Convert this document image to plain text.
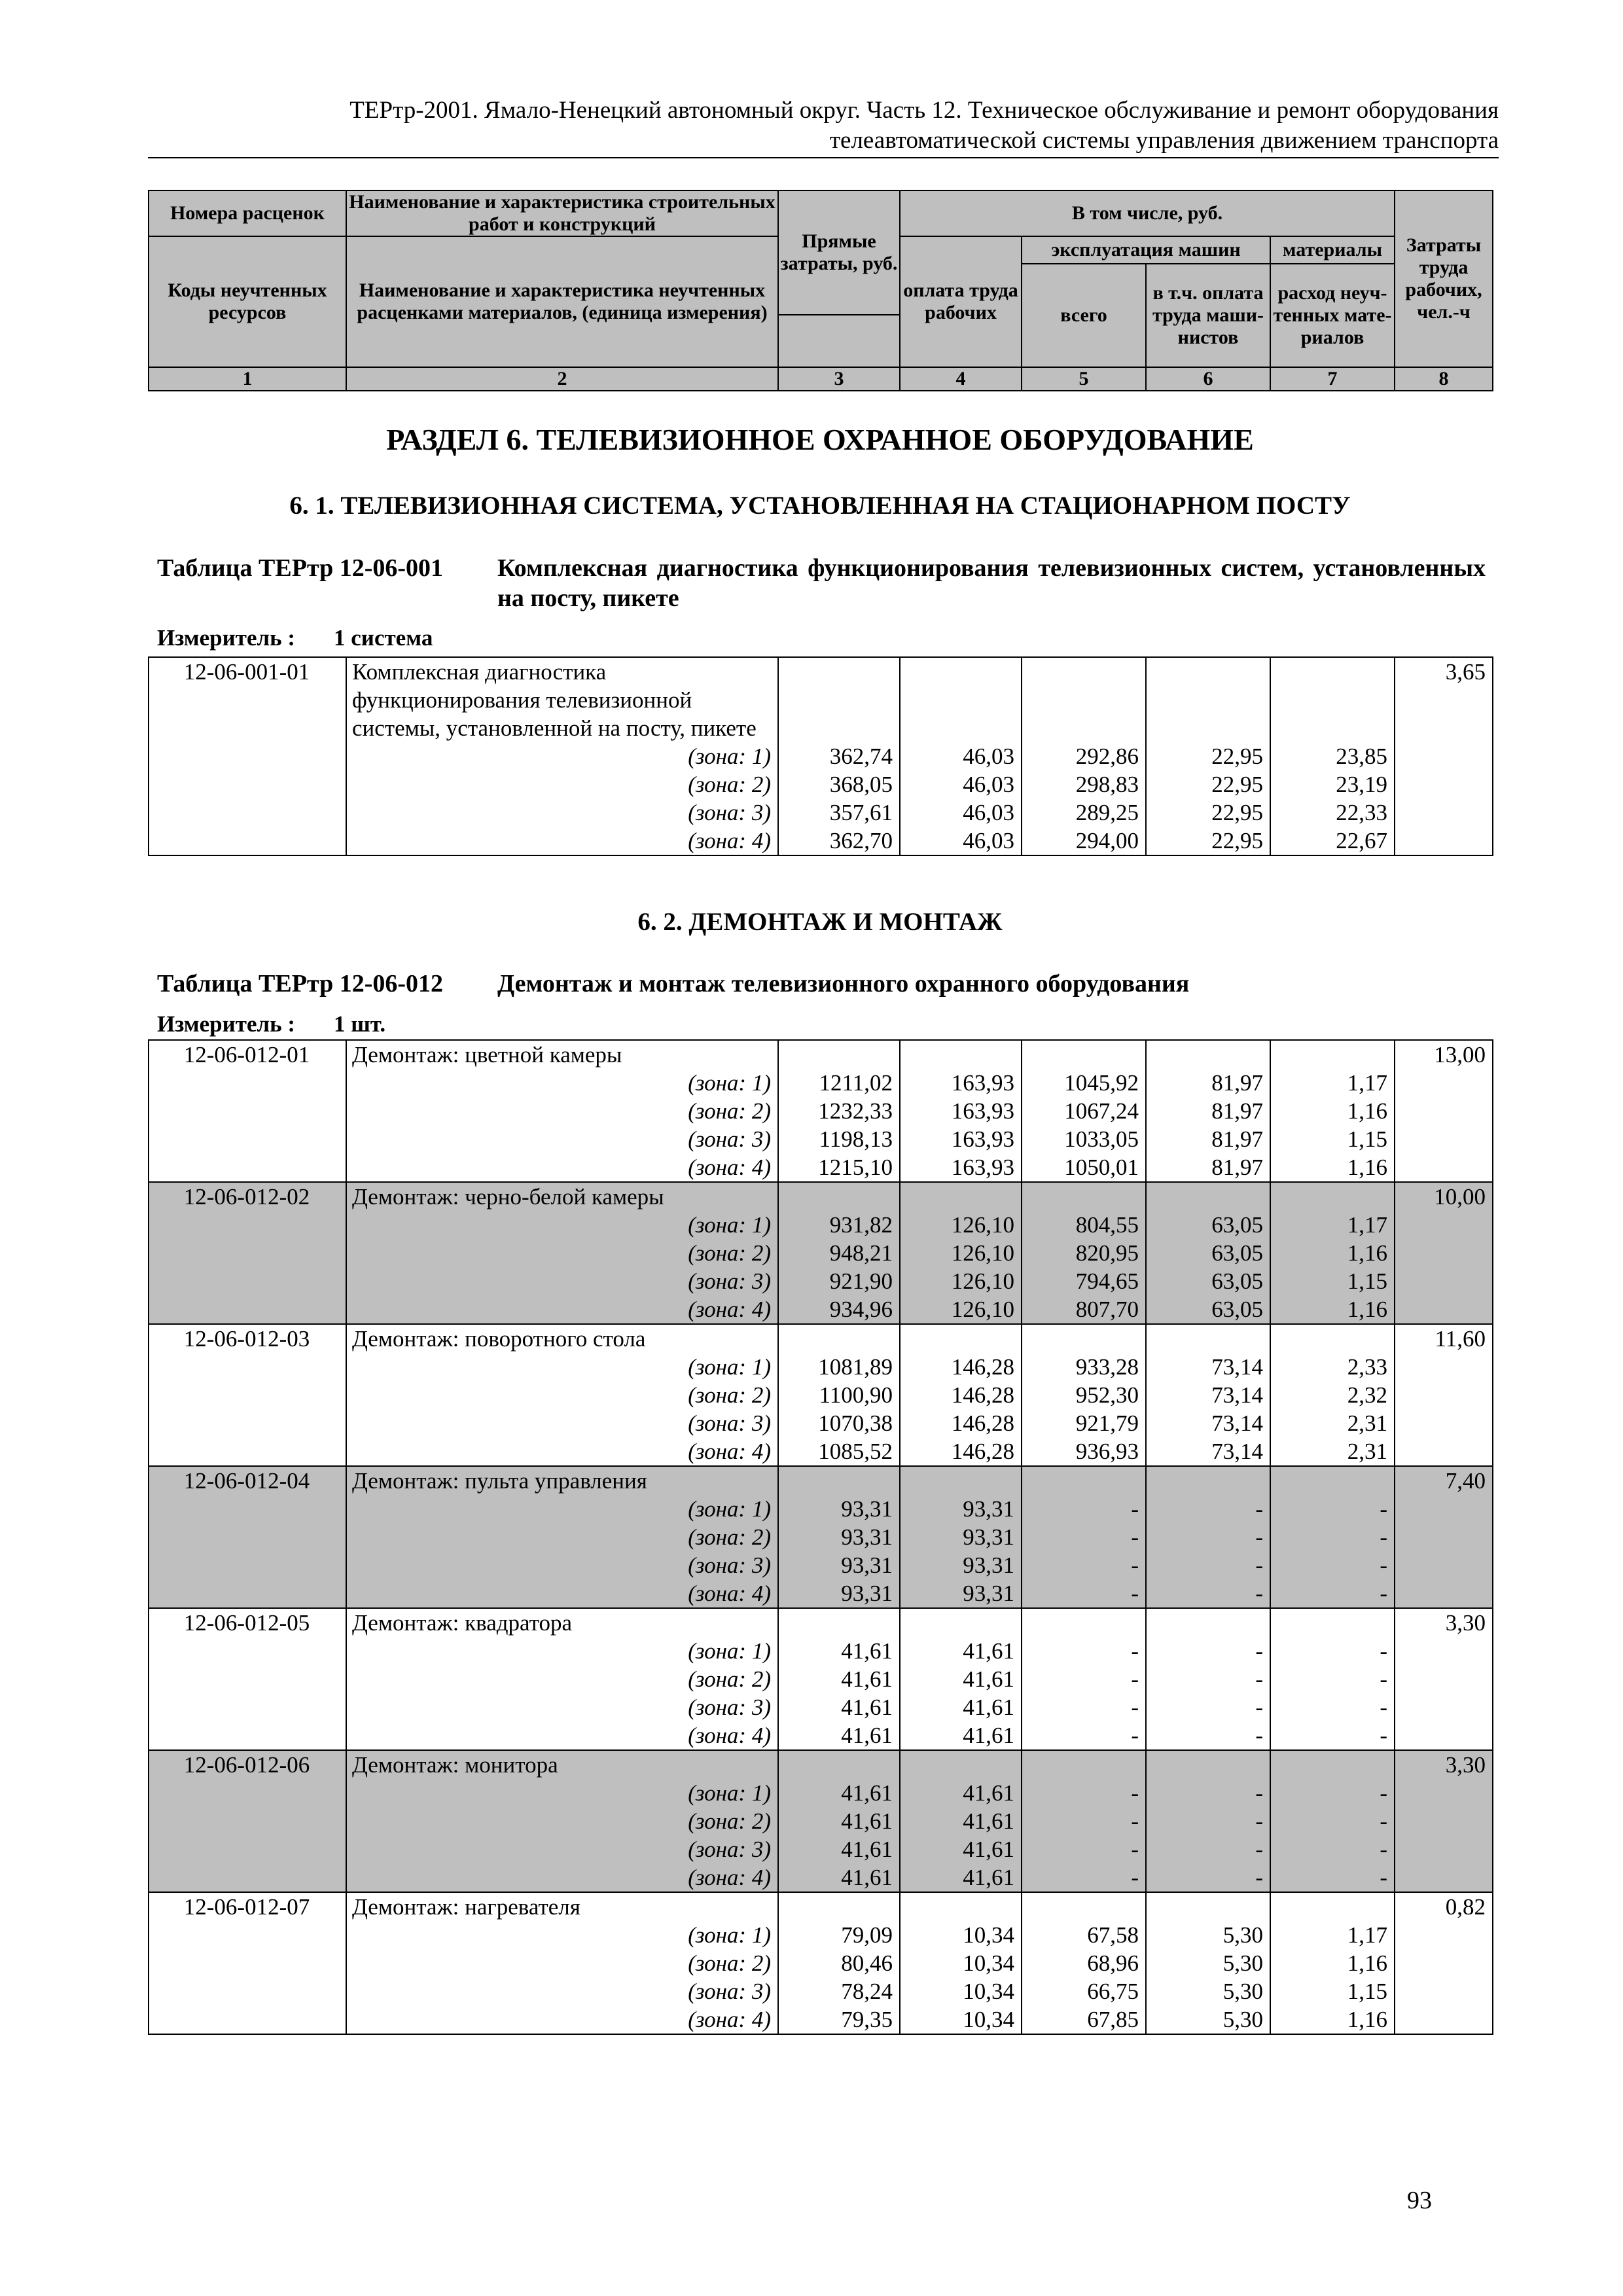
ТЕРтр-2001. Ямало-Ненецкий автономный округ. Часть 12. Техническое обслуживание и ремонт оборудования
телеавтоматической системы управления движением транспорта
Номера расценок	Наименование и характеристика строительных работ и конструкций	Прямые затраты, руб.	В том числе, руб.				Затраты труда рабочих, чел.-ч
Коды неучтенных ресурсов	Наименование и характеристика неучтенных расценками материалов, (единица измерения)		оплата труда рабочих	эксплуатация машин		материалы	
				всего	в т.ч. оплата труда маши-нистов	расход неуч-тенных мате-риалов	

1	2	3	4	5	6	7	8
РАЗДЕЛ 6. ТЕЛЕВИЗИОННОЕ ОХРАННОЕ ОБОРУДОВАНИЕ
6. 1. ТЕЛЕВИЗИОННАЯ СИСТЕМА, УСТАНОВЛЕННАЯ НА СТАЦИОНАРНОМ ПОСТУ
Таблица ТЕРтр 12-06-001	Комплексная диагностика функционирования телевизионных систем, установленных на посту, пикете
Измеритель : 1 система
12-06-001-01	Комплексная диагностика функционирования телевизионной системы, установленной на посту, пикете						3,65
	(зона: 1)	362,74	46,03	292,86	22,95	23,85	
	(зона: 2)	368,05	46,03	298,83	22,95	23,19	
	(зона: 3)	357,61	46,03	289,25	22,95	22,33	
	(зона: 4)	362,70	46,03	294,00	22,95	22,67	
6. 2. ДЕМОНТАЖ И МОНТАЖ
Таблица ТЕРтр 12-06-012	Демонтаж и монтаж телевизионного охранного оборудования
Измеритель : 1 шт.
12-06-012-01	Демонтаж: цветной камеры						13,00
	(зона: 1)	1211,02	163,93	1045,92	81,97	1,17	
	(зона: 2)	1232,33	163,93	1067,24	81,97	1,16	
	(зона: 3)	1198,13	163,93	1033,05	81,97	1,15	
	(зона: 4)	1215,10	163,93	1050,01	81,97	1,16	
12-06-012-02	Демонтаж: черно-белой камеры						10,00
	(зона: 1)	931,82	126,10	804,55	63,05	1,17	
	(зона: 2)	948,21	126,10	820,95	63,05	1,16	
	(зона: 3)	921,90	126,10	794,65	63,05	1,15	
	(зона: 4)	934,96	126,10	807,70	63,05	1,16	
12-06-012-03	Демонтаж: поворотного стола						11,60
	(зона: 1)	1081,89	146,28	933,28	73,14	2,33	
	(зона: 2)	1100,90	146,28	952,30	73,14	2,32	
	(зона: 3)	1070,38	146,28	921,79	73,14	2,31	
	(зона: 4)	1085,52	146,28	936,93	73,14	2,31	
12-06-012-04	Демонтаж: пульта управления						7,40
	(зона: 1)	93,31	93,31	-	-	-	
	(зона: 2)	93,31	93,31	-	-	-	
	(зона: 3)	93,31	93,31	-	-	-	
	(зона: 4)	93,31	93,31	-	-	-	
12-06-012-05	Демонтаж: квадратора						3,30
	(зона: 1)	41,61	41,61	-	-	-	
	(зона: 2)	41,61	41,61	-	-	-	
	(зона: 3)	41,61	41,61	-	-	-	
	(зона: 4)	41,61	41,61	-	-	-	
12-06-012-06	Демонтаж: монитора						3,30
	(зона: 1)	41,61	41,61	-	-	-	
	(зона: 2)	41,61	41,61	-	-	-	
	(зона: 3)	41,61	41,61	-	-	-	
	(зона: 4)	41,61	41,61	-	-	-	
12-06-012-07	Демонтаж: нагревателя						0,82
	(зона: 1)	79,09	10,34	67,58	5,30	1,17	
	(зона: 2)	80,46	10,34	68,96	5,30	1,16	
	(зона: 3)	78,24	10,34	66,75	5,30	1,15	
	(зона: 4)	79,35	10,34	67,85	5,30	1,16	
93
